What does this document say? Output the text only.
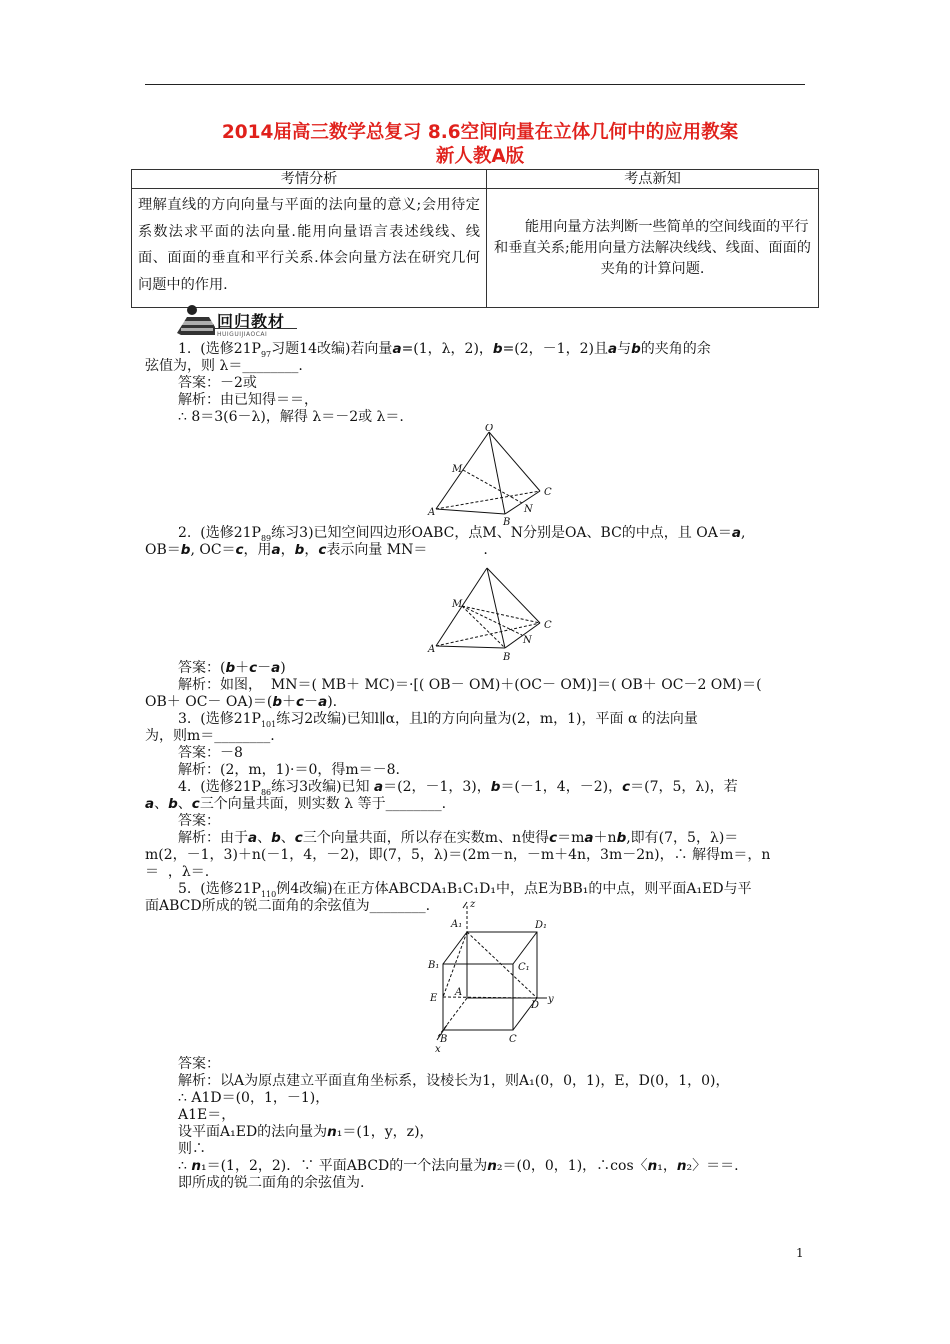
2014届高三数学总复习 8.6空间向量在立体几何中的应用教案
新人教A版
考情分析	考点新知
理解直线的方向向量与平面的法向量的意义;会用待定系数法求平面的法向量.能用向量语言表述线线、线面、面面的垂直和平行关系.体会向量方法在研究几何问题中的作用.	能用向量方法判断一些简单的空间线面的平行和垂直关系;能用向量方法解决线线、线面、面面的夹角的计算问题.
回归教材
HUIGUIJIAOCAI
1.  (选修$21P_{97}$习题14改编)若向量a=(1，λ，2)，b=(2，－1，2)且a与b的夹角的余
弦值为，则 λ＝________.
答案：－2或
解析：由已知得＝＝，
∴ 8＝3(6－λ)，解得 λ＝－2或 λ＝.
O
M
A
B
N
C
2.  (选修$21P_{89}$练习3)已知空间四边形OABC，点M、N分别是OA、BC的中点，且 OA＝a,
OB＝b, OC＝c，用a，b，c表示向量 MN＝　　　　.
A
M
B
N
C
答案：(b＋c－a)
解析：如图，  MN＝( MB＋ MC)＝·[( OB－ OM)＋(OC－ OM)]＝( OB＋ OC－2 OM)＝(
OB＋ OC－ OA)＝(b＋c－a).
3.  (选修$21P_{101}$练习2改编)已知l∥α，且l的方向向量为(2，m，1)，平面 α 的法向量
为，则m＝________.
答案：－8
解析：(2，m，1)·＝0，得m＝－8.
4.  (选修$21P_{86}$练习3改编)已知 a＝(2，－1，3)，b＝(－1，4，－2)，c＝(7，5，λ)，若
a、b、c三个向量共面，则实数 λ 等于________.
答案：
解析：由于a、b、c三个向量共面，所以存在实数m、n使得c＝ma＋nb,即有(7，5，λ)＝
m(2，－1，3)＋n(－1，4，－2)，即(7，5，λ)＝(2m－n，－m＋4n，3m－2n)，∴ 解得m＝，n
＝  ，λ＝.
5.  (选修$21P_{110}$例4改编)在正方体ABCDA₁B₁C₁D₁中，点E为BB₁的中点，则平面A₁ED与平
面ABCD所成的锐二面角的余弦值为________.	z
A₁	D₁
B₁	C₁
E
A
D
y
B	C
x
答案：
解析：以A为原点建立平面直角坐标系，设棱长为1，则A₁(0，0，1)，E，D(0，1，0)，
∴ A1D＝(0，1，－1)，
A1E＝，
设平面A₁ED的法向量为n₁＝(1，y，z)，
则∴
∴ n₁＝(1，2，2)．∵ 平面ABCD的一个法向量为n₂＝(0，0，1)，∴cos〈n₁，n₂〉＝＝.
即所成的锐二面角的余弦值为.
1
